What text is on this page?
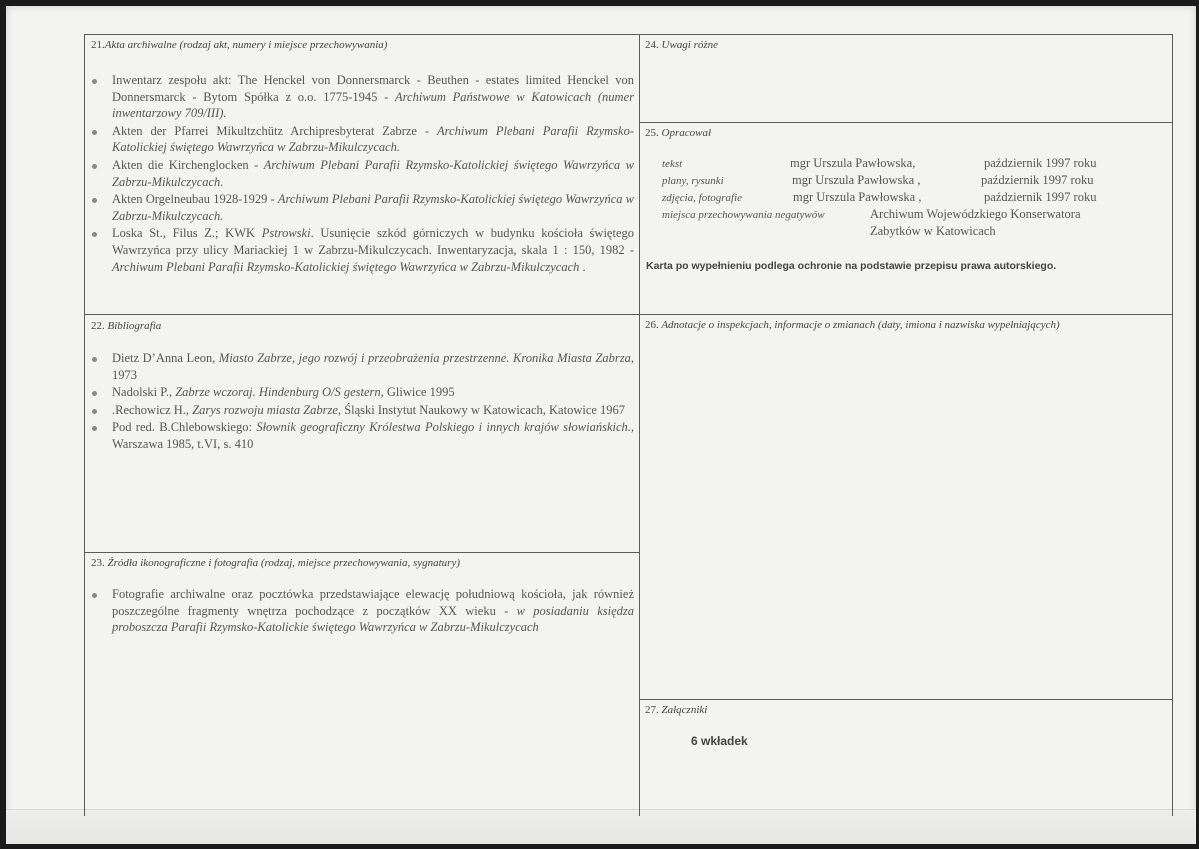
21.Akta archiwalne (rodzaj akt, numery i miejsce przechowywania)
Inwentarz zespołu akt: The Henckel von Donnersmarck - Beuthen - estates limited Henckel von Donnersmarck - Bytom Spółka z o.o. 1775-1945 - Archiwum Państwowe w Katowicach (numer inwentarzowy 709/III).
Akten der Pfarrei Mikultzchütz Archipresbyterat Zabrze - Archiwum Plebani Parafii Rzymsko-Katolickiej świętego Wawrzyńca w Zabrzu-Mikulczycach.
Akten die Kirchenglocken - Archiwum Plebani Parafii Rzymsko-Katolickiej świętego Wawrzyńca w Zabrzu-Mikulczycach.
Akten Orgelneubau 1928-1929 - Archiwum Plebani Parafii Rzymsko-Katolickiej świętego Wawrzyńca w Zabrzu-Mikulczycach.
Loska St., Filus Z.; KWK Pstrowski. Usunięcie szkód górniczych w budynku kościoła świętego Wawrzyńca przy ulicy Mariackiej 1 w Zabrzu-Mikulczycach. Inwentaryzacja, skala 1 : 150, 1982 - Archiwum Plebani Parafii Rzymsko-Katolickiej świętego Wawrzyńca w Zabrzu-Mikulczycach .
22. Bibliografia
Dietz D’Anna Leon, Miasto Zabrze, jego rozwój i przeobrażenia przestrzenne. Kronika Miasta Zabrza, 1973
Nadolski P., Zabrze wczoraj. Hindenburg O/S gestern, Gliwice 1995
.Rechowicz H., Zarys rozwoju miasta Zabrze, Śląski Instytut Naukowy w Katowicach, Katowice 1967
Pod red. B.Chlebowskiego: Słownik geograficzny Królestwa Polskiego i innych krajów słowiańskich., Warszawa 1985, t.VI, s. 410
23. Źródła ikonograficzne i fotografia (rodzaj, miejsce przechowywania, sygnatury)
Fotografie archiwalne oraz pocztówka przedstawiające elewację południową kościoła, jak również poszczególne fragmenty wnętrza pochodzące z początków XX wieku - w posiadaniu księdza proboszcza Parafii Rzymsko-Katolickie świętego Wawrzyńca w Zabrzu-Mikulczycach
24. Uwagi różne
25. Opracował
tekst	mgr Urszula Pawłowska,	październik 1997 roku
plany, rysunki	mgr Urszula Pawłowska ,	październik 1997 roku
zdjęcia, fotografie	mgr Urszula Pawłowska ,	październik 1997 roku
miejsca przechowywania negatywów	Archiwum Wojewódzkiego Konserwatora
Zabytków w Katowicach
Karta po wypełnieniu podlega ochronie na podstawie przepisu prawa autorskiego.
26. Adnotacje o inspekcjach, informacje o zmianach (daty, imiona i nazwiska wypełniających)
27. Załączniki
6 wkładek
